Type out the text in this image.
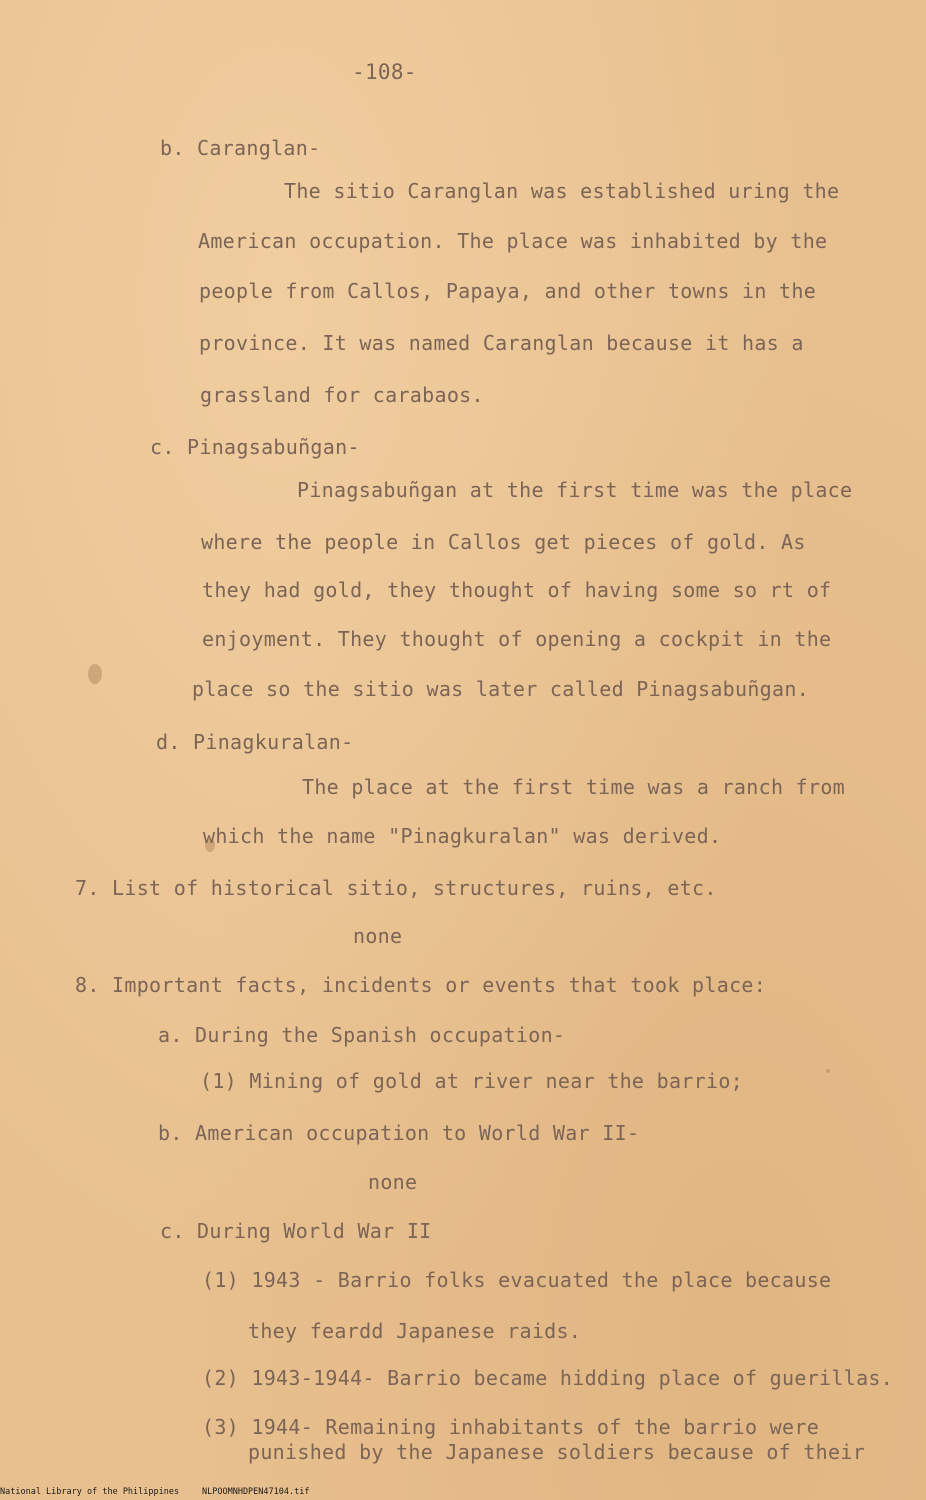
-108-
b. Caranglan-
The sitio Caranglan was established uring the
American occupation. The place was inhabited by the
people from Callos, Papaya, and other towns in the
province. It was named Caranglan because it has a
grassland for carabaos.
c. Pinagsabuñgan-
Pinagsabuñgan at the first time was the place
where the people in Callos get pieces of gold. As
they had gold, they thought of having some so rt of
enjoyment. They thought of opening a cockpit in the
place so the sitio was later called Pinagsabuñgan.
d. Pinagkuralan-
The place at the first time was a ranch from
which the name "Pinagkuralan" was derived.
7. List of historical sitio, structures, ruins, etc.
none
8. Important facts, incidents or events that took place:
a. During the Spanish occupation-
(1) Mining of gold at river near the barrio;
b. American occupation to World War II-
none
c. During World War II
(1) 1943 - Barrio folks evacuated the place because
they feardd Japanese raids.
(2) 1943-1944- Barrio became hidding place of guerillas.
(3) 1944- Remaining inhabitants of the barrio were
punished by the Japanese soldiers because of their
National Library of the Philippines	NLPOOMNHDPEN47104.tif
